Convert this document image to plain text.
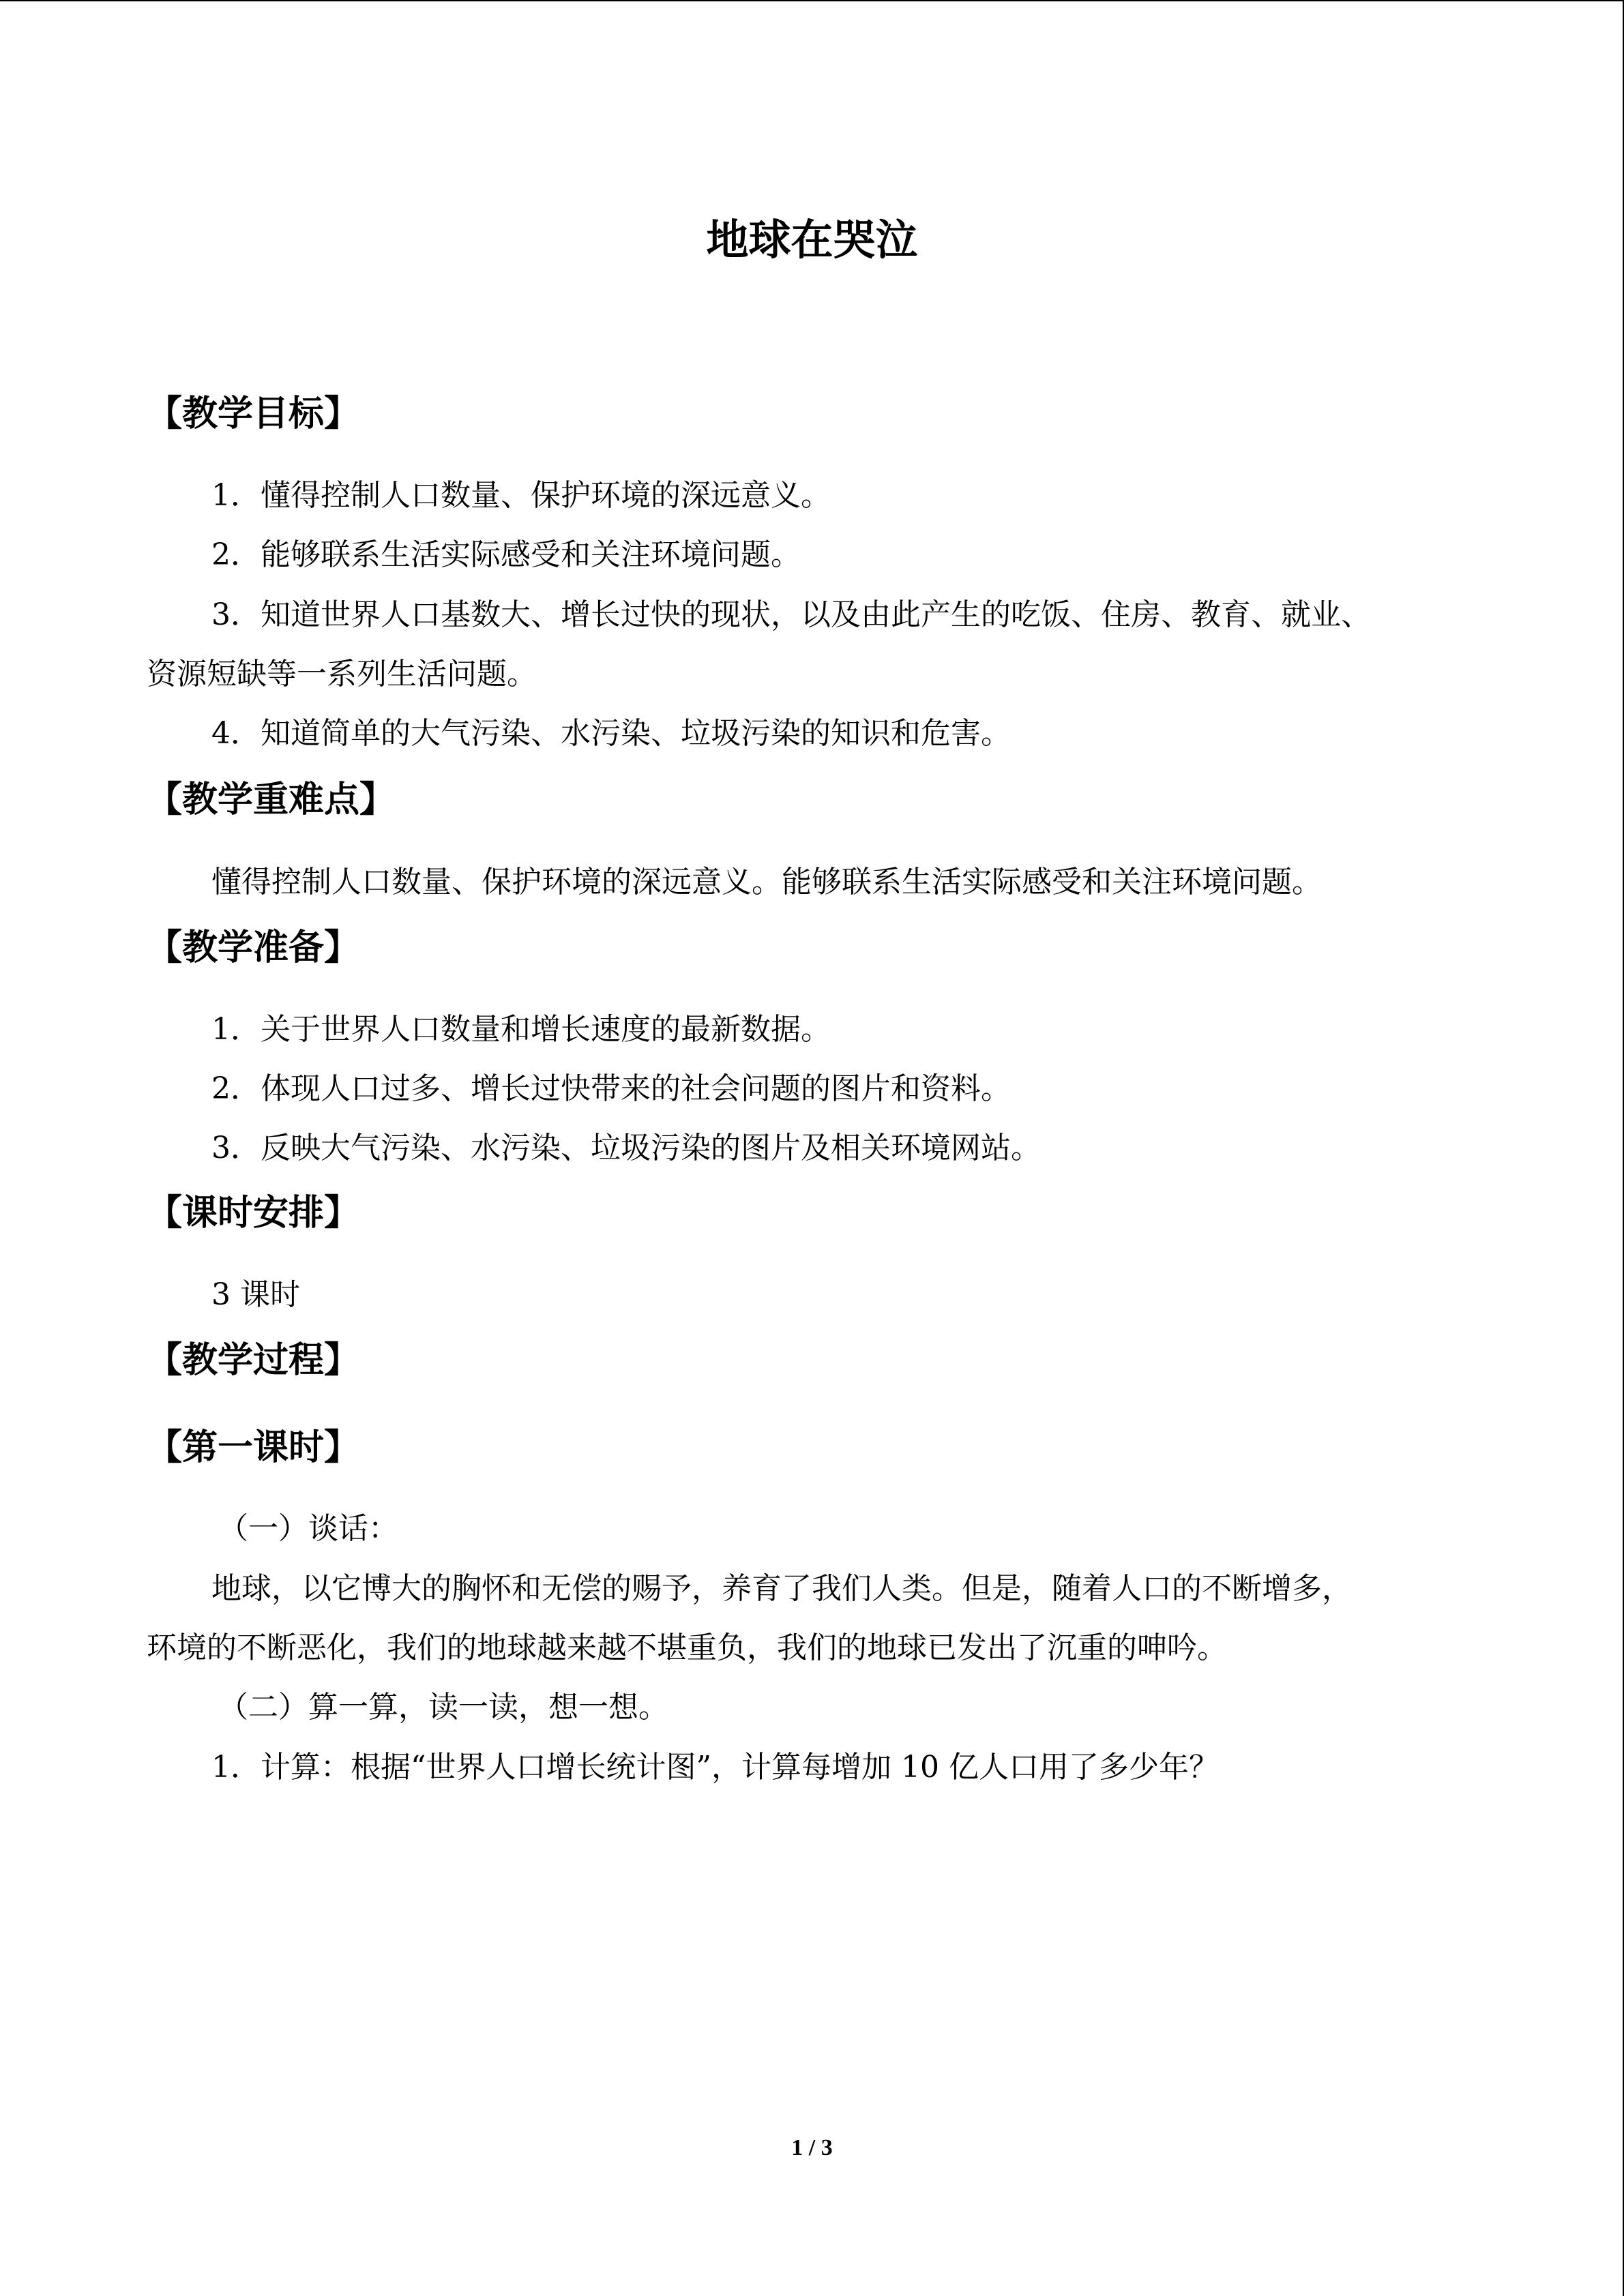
地球在哭泣
【教学目标】
1．懂得控制人口数量、保护环境的深远意义。
2．能够联系生活实际感受和关注环境问题。
3．知道世界人口基数大、增长过快的现状，以及由此产生的吃饭、住房、教育、就业、
资源短缺等一系列生活问题。
4．知道简单的大气污染、水污染、垃圾污染的知识和危害。
【教学重难点】
懂得控制人口数量、保护环境的深远意义。能够联系生活实际感受和关注环境问题。
【教学准备】
1．关于世界人口数量和增长速度的最新数据。
2．体现人口过多、增长过快带来的社会问题的图片和资料。
3．反映大气污染、水污染、垃圾污染的图片及相关环境网站。
【课时安排】
3 课时
【教学过程】
【第一课时】
（一）谈话：
地球，以它博大的胸怀和无偿的赐予，养育了我们人类。但是，随着人口的不断增多，
环境的不断恶化，我们的地球越来越不堪重负，我们的地球已发出了沉重的呻吟。
（二）算一算，读一读，想一想。
1．计算：根据“世界人口增长统计图”，计算每增加 10 亿人口用了多少年？
1 / 3
